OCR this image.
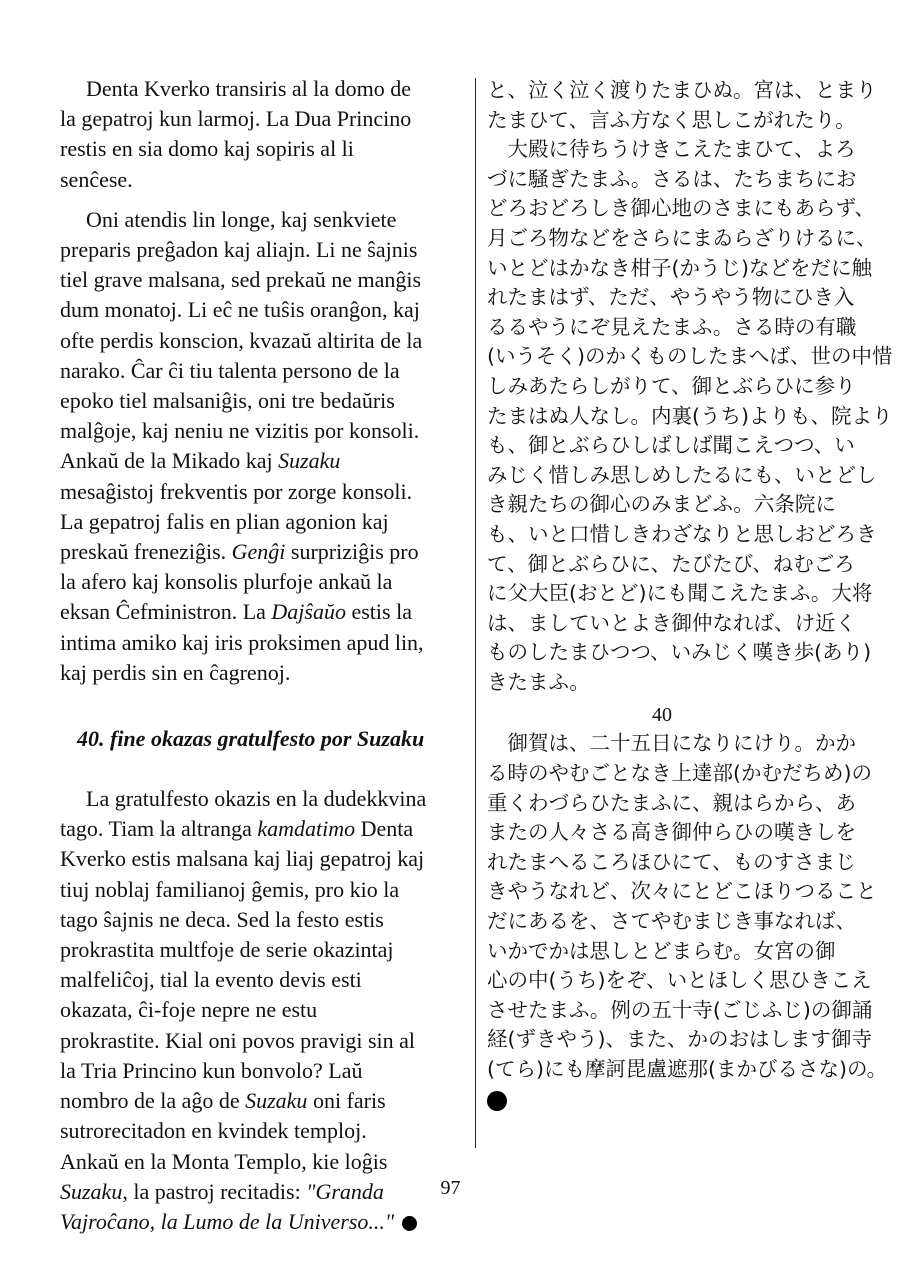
Denta Kverko transiris al la domo de
la gepatroj kun larmoj. La Dua Princino
restis en sia domo kaj sopiris al li
senĉese.

Oni atendis lin longe, kaj senkviete
preparis preĝadon kaj aliajn. Li ne ŝajnis
tiel grave malsana, sed prekaŭ ne manĝis
dum monatoj. Li eĉ ne tuŝis oranĝon, kaj
ofte perdis konscion, kvazaŭ altirita de la
narako. Ĉar ĉi tiu talenta persono de la
epoko tiel malsaniĝis, oni tre bedaŭris
malĝoje, kaj neniu ne vizitis por konsoli.
Ankaŭ de la Mikado kaj Suzaku
mesaĝistoj frekventis por zorge konsoli.
La gepatroj falis en plian agonion kaj
preskaŭ freneziĝis. Genĝi surpriziĝis pro
la afero kaj konsolis plurfoje ankaŭ la
eksan Ĉefministron. La Dajŝaŭo estis la
intima amiko kaj iris proksimen apud lin,
kaj perdis sin en ĉagrenoj.

40. fine okazas gratulfesto por Suzaku

La gratulfesto okazis en la dudekkvina
tago. Tiam la altranga kamdatimo Denta
Kverko estis malsana kaj liaj gepatroj kaj
tiuj noblaj familianoj ĝemis, pro kio la
tago ŝajnis ne deca. Sed la festo estis
prokrastita multfoje de serie okazintaj
malfeliĉoj, tial la evento devis esti
okazata, ĉi-foje nepre ne estu
prokrastite. Kial oni povos pravigi sin al
la Tria Princino kun bonvolo? Laŭ
nombro de la aĝo de Suzaku oni faris
sutrorecitadon en kvindek temploj.
Ankaŭ en la Monta Templo, kie loĝis
Suzaku, la pastroj recitadis: "Granda
Vajroĉano, la Lumo de la Universo..."

と、泣く泣く渡りたまひぬ。宮は、とまり
たまひて、言ふ方なく思しこがれたり。

　大殿に待ちうけきこえたまひて、よろ
づに騒ぎたまふ。さるは、たちまちにお
どろおどろしき御心地のさまにもあらず、
月ごろ物などをさらにまゐらざりけるに、
いとどはかなき柑子(かうじ)などをだに触
れたまはず、ただ、やうやう物にひき入
るるやうにぞ見えたまふ。さる時の有職
(いうそく)のかくものしたまへば、世の中惜
しみあたらしがりて、御とぶらひに参り
たまはぬ人なし。内裏(うち)よりも、院より
も、御とぶらひしばしば聞こえつつ、い
みじく惜しみ思しめしたるにも、いとどし
き親たちの御心のみまどふ。六条院に
も、いと口惜しきわざなりと思しおどろき
て、御とぶらひに、たびたび、ねむごろ
に父大臣(おとど)にも聞こえたまふ。大将
は、ましていとよき御仲なれば、け近く
ものしたまひつつ、いみじく嘆き歩(あり)
きたまふ。

40

　御賀は、二十五日になりにけり。かか
る時のやむごとなき上達部(かむだちめ)の
重くわづらひたまふに、親はらから、あ
またの人々さる高き御仲らひの嘆きしを
れたまへるころほひにて、ものすさまじ
きやうなれど、次々にとどこほりつること
だにあるを、さてやむまじき事なれば、
いかでかは思しとどまらむ。女宮の御
心の中(うち)をぞ、いとほしく思ひきこえ
させたまふ。例の五十寺(ごじふじ)の御誦
経(ずきやう)、また、かのおはします御寺
(てら)にも摩訶毘盧遮那(まかびるさな)の。

97
